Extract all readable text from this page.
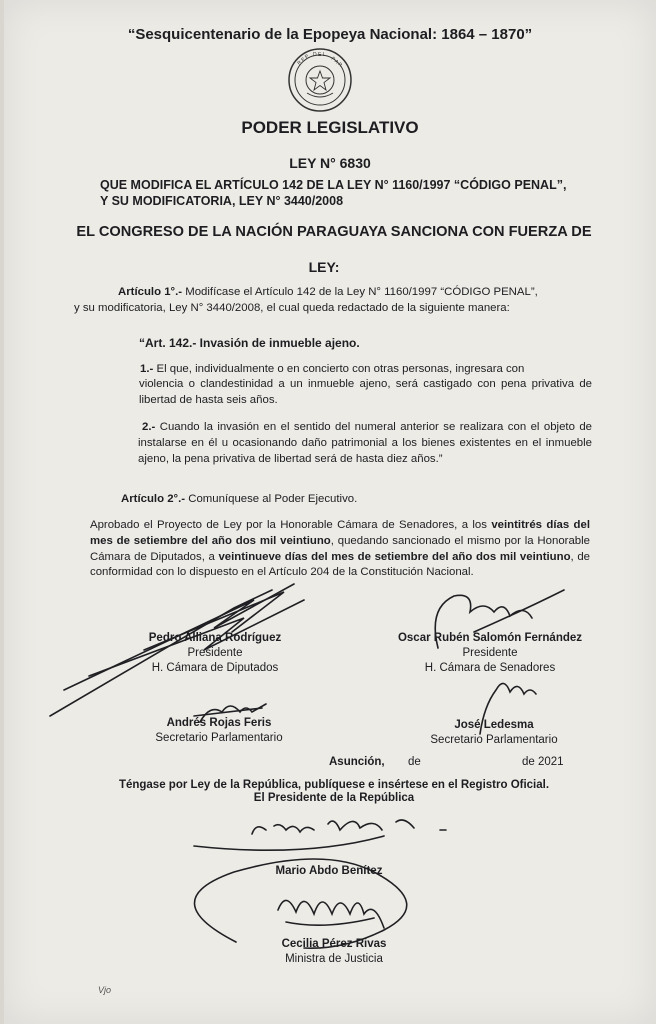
“Sesquicentenario de la Epopeya Nacional: 1864 – 1870”
R E P D E L
P A R
PODER LEGISLATIVO
LEY N° 6830
QUE MODIFICA EL ARTÍCULO 142 DE LA LEY N° 1160/1997 “CÓDIGO PENAL”,
Y SU MODIFICATORIA, LEY N° 3440/2008
EL CONGRESO DE LA NACIÓN PARAGUAYA SANCIONA CON FUERZA DE
LEY:

Artículo 1°.- Modifícase el Artículo 142 de la Ley N° 1160/1997 “CÓDIGO PENAL”,

y su modificatoria, Ley N° 3440/2008, el cual queda redactado de la siguiente manera:

“Art. 142.- Invasión de inmueble ajeno.

1.- El que, individualmente o en concierto con otras personas, ingresara con

violencia o clandestinidad a un inmueble ajeno, será castigado con pena privativa de libertad de hasta seis años.

2.- Cuando la invasión en el sentido del numeral anterior se realizara con el objeto de instalarse en él u ocasionando daño patrimonial a los bienes existentes en el inmueble ajeno, la pena privativa de libertad será de hasta diez años.”

Artículo 2°.- Comuníquese al Poder Ejecutivo.

Aprobado el Proyecto de Ley por la Honorable Cámara de Senadores, a los veintitrés días del mes de setiembre del año dos mil veintiuno, quedando sancionado el mismo por la Honorable Cámara de Diputados, a veintinueve días del mes de setiembre del año dos mil veintiuno, de conformidad con lo dispuesto en el Artículo 204 de la Constitución Nacional.

Pedro Alliana Rodríguez
Presidente
H. Cámara de Diputados
Oscar Rubén Salomón Fernández
Presidente
H. Cámara de Senadores
Andrés Rojas Feris
Secretario Parlamentario
José Ledesma
Secretario Parlamentario
Asunción, de	de 2021
Téngase por Ley de la República, publíquese e insértese en el Registro Oficial.
El Presidente de la República
Mario Abdo Benítez
Cecilia Pérez Rivas
Ministra de Justicia
Vjo
